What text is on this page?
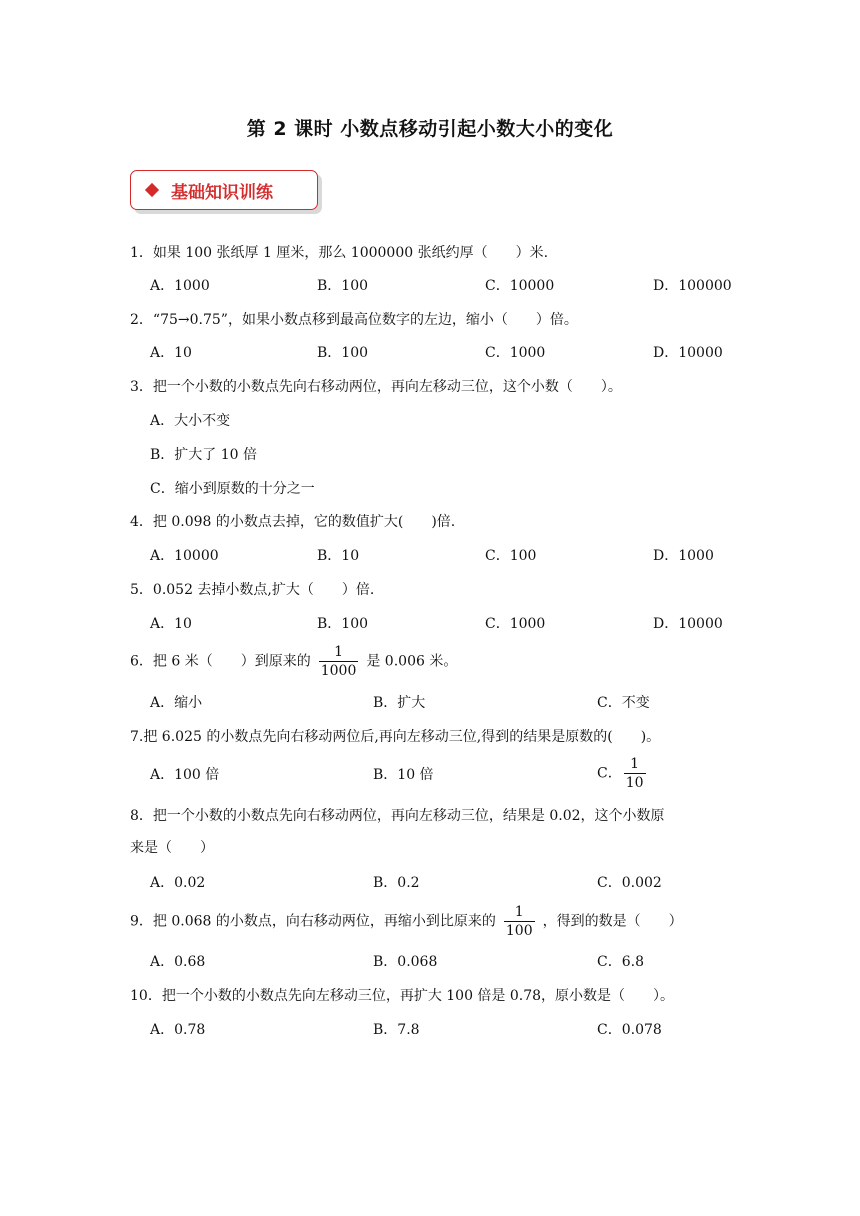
第 2 课时 小数点移动引起小数大小的变化
基础知识训练
1．如果 100 张纸厚 1 厘米，那么 1000000 张纸约厚（　　）米.
A．1000	B．100	C．10000	D．100000
2．“75→0.75”，如果小数点移到最高位数字的左边，缩小（　　）倍。
A．10	B．100	C．1000	D．10000
3．把一个小数的小数点先向右移动两位，再向左移动三位，这个小数（　　）。
A．大小不变
B．扩大了 10 倍
C．缩小到原数的十分之一
4．把 0.098 的小数点去掉，它的数值扩大(　　)倍.
A．10000	B．10	C．100	D．1000
5．0.052 去掉小数点,扩大（　　）倍.
A．10	B．100	C．1000	D．10000
6．把 6 米（　　）到原来的 $\frac{1}{1000}$ 是 0.006 米。
A．缩小	B．扩大	C．不变
7.把 6.025 的小数点先向右移动两位后,再向左移动三位,得到的结果是原数的(　　)。
A．100 倍	B．10 倍	C． $\frac{1}{10}$
8．把一个小数的小数点先向右移动两位，再向左移动三位，结果是 0.02，这个小数原
来是（　　）
A．0.02	B．0.2	C．0.002
9．把 0.068 的小数点，向右移动两位，再缩小到比原来的 $\frac{1}{100}$ ，得到的数是（　　）
A．0.68	B．0.068	C．6.8
10．把一个小数的小数点先向左移动三位，再扩大 100 倍是 0.78，原小数是（　　）。
A．0.78	B．7.8	C．0.078
